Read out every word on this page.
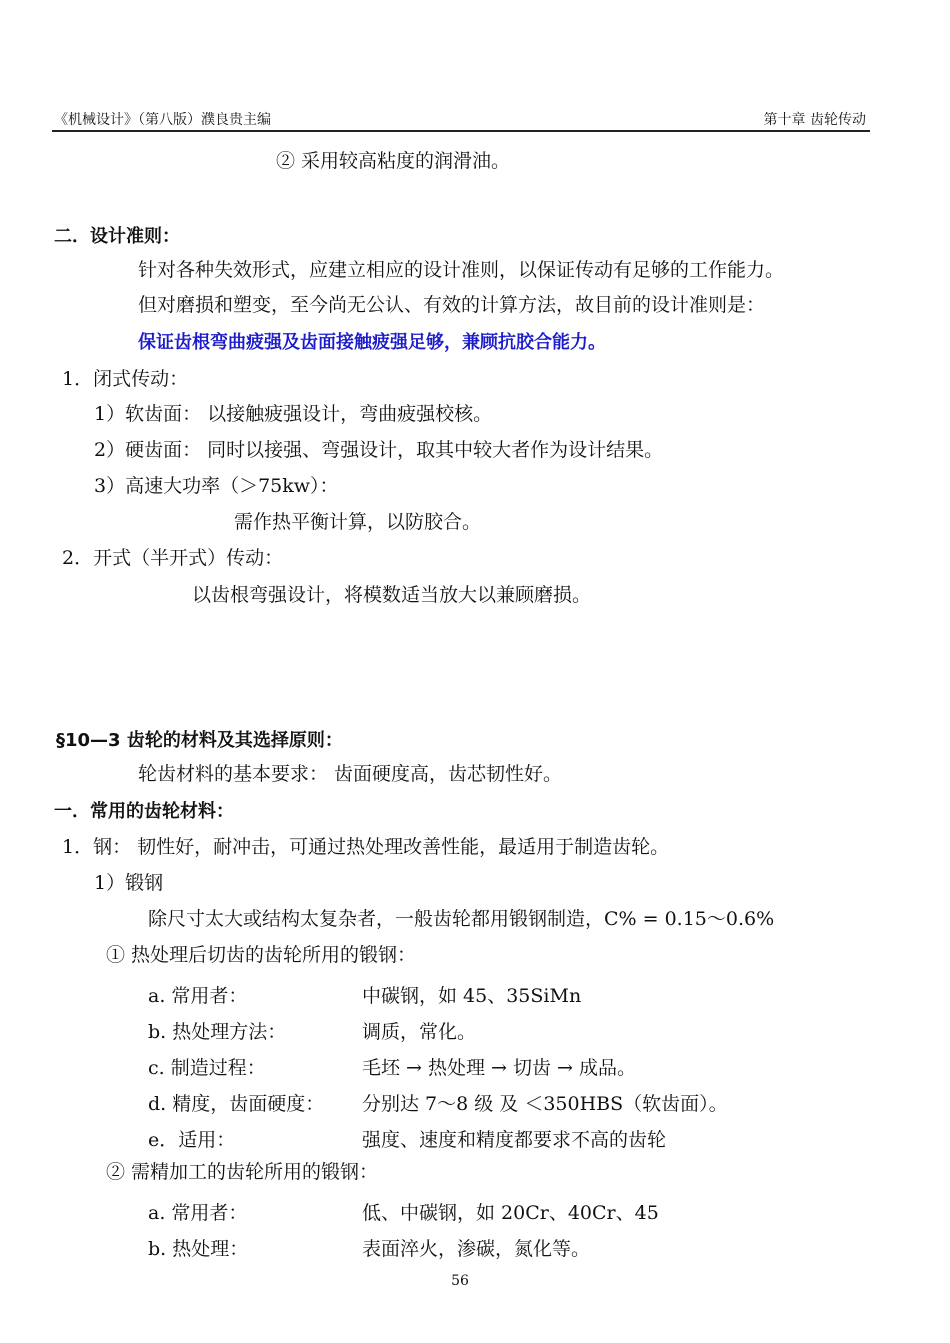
《机械设计》（第八版）濮良贵主编	第十章 齿轮传动
② 采用较高粘度的润滑油。
二．设计准则：
针对各种失效形式，应建立相应的设计准则，以保证传动有足够的工作能力。
但对磨损和塑变，至今尚无公认、有效的计算方法，故目前的设计准则是：
保证齿根弯曲疲强及齿面接触疲强足够，兼顾抗胶合能力。
1．闭式传动：
1）软齿面： 以接触疲强设计，弯曲疲强校核。
2）硬齿面： 同时以接强、弯强设计，取其中较大者作为设计结果。
3）高速大功率（＞75kw）：
需作热平衡计算，以防胶合。
2．开式（半开式）传动：
以齿根弯强设计，将模数适当放大以兼顾磨损。
§10—3 齿轮的材料及其选择原则：
轮齿材料的基本要求： 齿面硬度高，齿芯韧性好。
一．常用的齿轮材料：
1．钢： 韧性好，耐冲击，可通过热处理改善性能，最适用于制造齿轮。
1）锻钢
除尺寸太大或结构太复杂者，一般齿轮都用锻钢制造，C% = 0.15～0.6%
① 热处理后切齿的齿轮所用的锻钢：
a. 常用者：	中碳钢，如 45、35SiMn
b. 热处理方法：	调质，常化。
c. 制造过程：	毛坯 → 热处理 → 切齿 → 成品。
d. 精度，齿面硬度： 分别达 7～8 级 及 ＜350HBS（软齿面）。
e．适用：	强度、速度和精度都要求不高的齿轮
② 需精加工的齿轮所用的锻钢：
a. 常用者：	低、中碳钢，如 20Cr、40Cr、45
b. 热处理：	表面淬火，渗碳，氮化等。
56
